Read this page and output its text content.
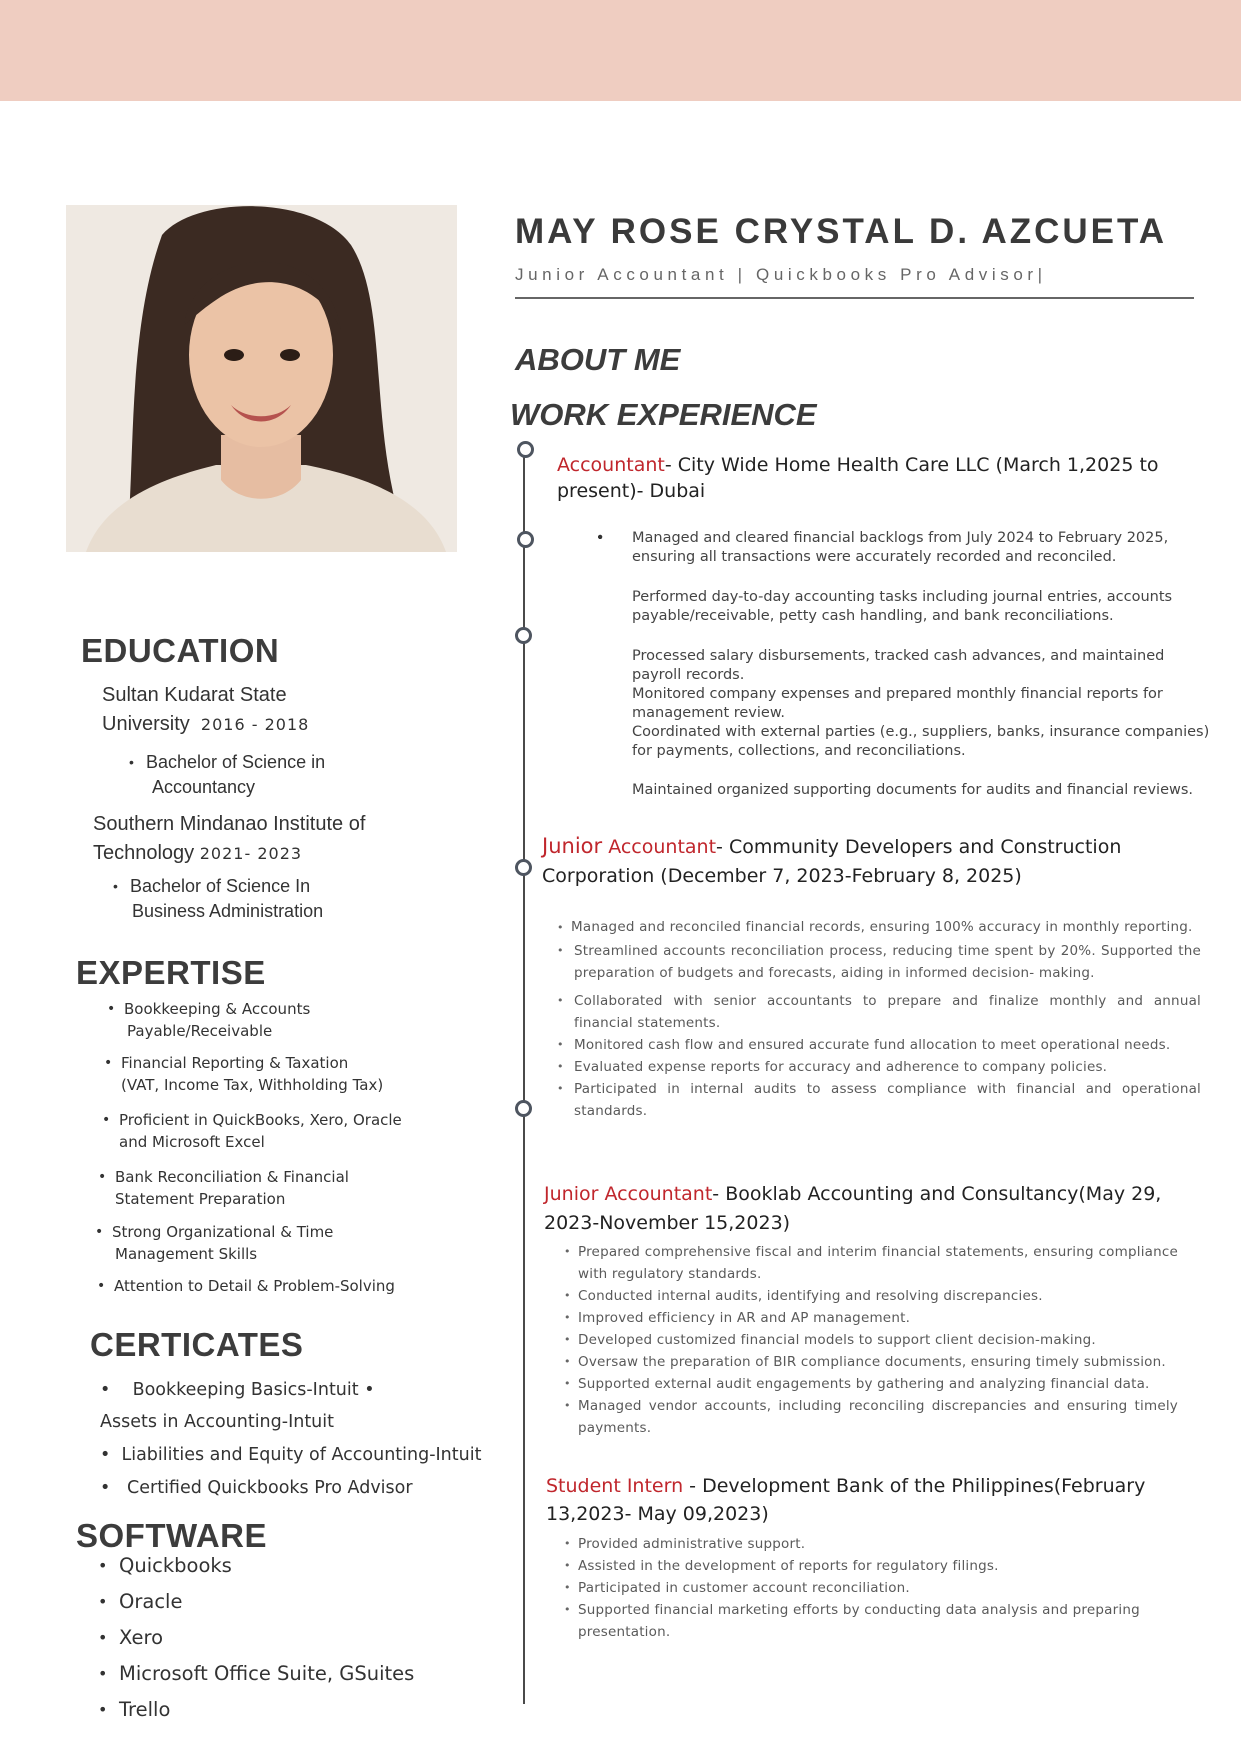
MAY ROSE CRYSTAL D. AZCUETA
Junior Accountant | Quickbooks Pro Advisor|
ABOUT ME
WORK EXPERIENCE
EDUCATION
Sultan Kudarat State
University 2016 - 2018
• Bachelor of Science in
Accountancy
Southern Mindanao Institute of
Technology 2021- 2023
• Bachelor of Science In
Business Administration
EXPERTISE
• Bookkeeping & Accounts
Payable/Receivable
• Financial Reporting & Taxation
(VAT, Income Tax, Withholding Tax)
• Proficient in QuickBooks, Xero, Oracle
and Microsoft Excel
• Bank Reconciliation & Financial
Statement Preparation
• Strong Organizational & Time
Management Skills
• Attention to Detail & Problem-Solving
CERTICATES
• Bookkeeping Basics-Intuit •
Assets in Accounting-Intuit
• Liabilities and Equity of Accounting-Intuit
• Certified Quickbooks Pro Advisor
SOFTWARE
• Quickbooks
• Oracle
• Xero
• Microsoft Office Suite, GSuites
• Trello
Accountant- City Wide Home Health Care LLC (March 1,2025 to
present)- Dubai
• Managed and cleared financial backlogs from July 2024 to February 2025, ensuring all transactions were accurately recorded and reconciled.
• Performed day-to-day accounting tasks including journal entries, accounts payable/receivable, petty cash handling, and bank reconciliations.
• Processed salary disbursements, tracked cash advances, and maintained payroll records.
Monitored company expenses and prepared monthly financial reports for management review.
Coordinated with external parties (e.g., suppliers, banks, insurance companies) for payments, collections, and reconciliations.
• Maintained organized supporting documents for audits and financial reviews.
Junior Accountant- Community Developers and Construction
Corporation (December 7, 2023-February 8, 2025)
• Managed and reconciled financial records, ensuring 100% accuracy in monthly reporting.
• Streamlined accounts reconciliation process, reducing time spent by 20%. Supported the preparation of budgets and forecasts, aiding in informed decision- making.
• Collaborated with senior accountants to prepare and finalize monthly and annual financial statements.
• Monitored cash flow and ensured accurate fund allocation to meet operational needs.
• Evaluated expense reports for accuracy and adherence to company policies.
• Participated in internal audits to assess compliance with financial and operational standards.
Junior Accountant- Booklab Accounting and Consultancy(May 29,
2023-November 15,2023)
• Prepared comprehensive fiscal and interim financial statements, ensuring compliance with regulatory standards.
• Conducted internal audits, identifying and resolving discrepancies.
• Improved efficiency in AR and AP management.
• Developed customized financial models to support client decision-making.
• Oversaw the preparation of BIR compliance documents, ensuring timely submission.
• Supported external audit engagements by gathering and analyzing financial data.
• Managed vendor accounts, including reconciling discrepancies and ensuring timely payments.
Student Intern - Development Bank of the Philippines(February
13,2023- May 09,2023)
• Provided administrative support.
• Assisted in the development of reports for regulatory filings.
• Participated in customer account reconciliation.
• Supported financial marketing efforts by conducting data analysis and preparing presentation.
